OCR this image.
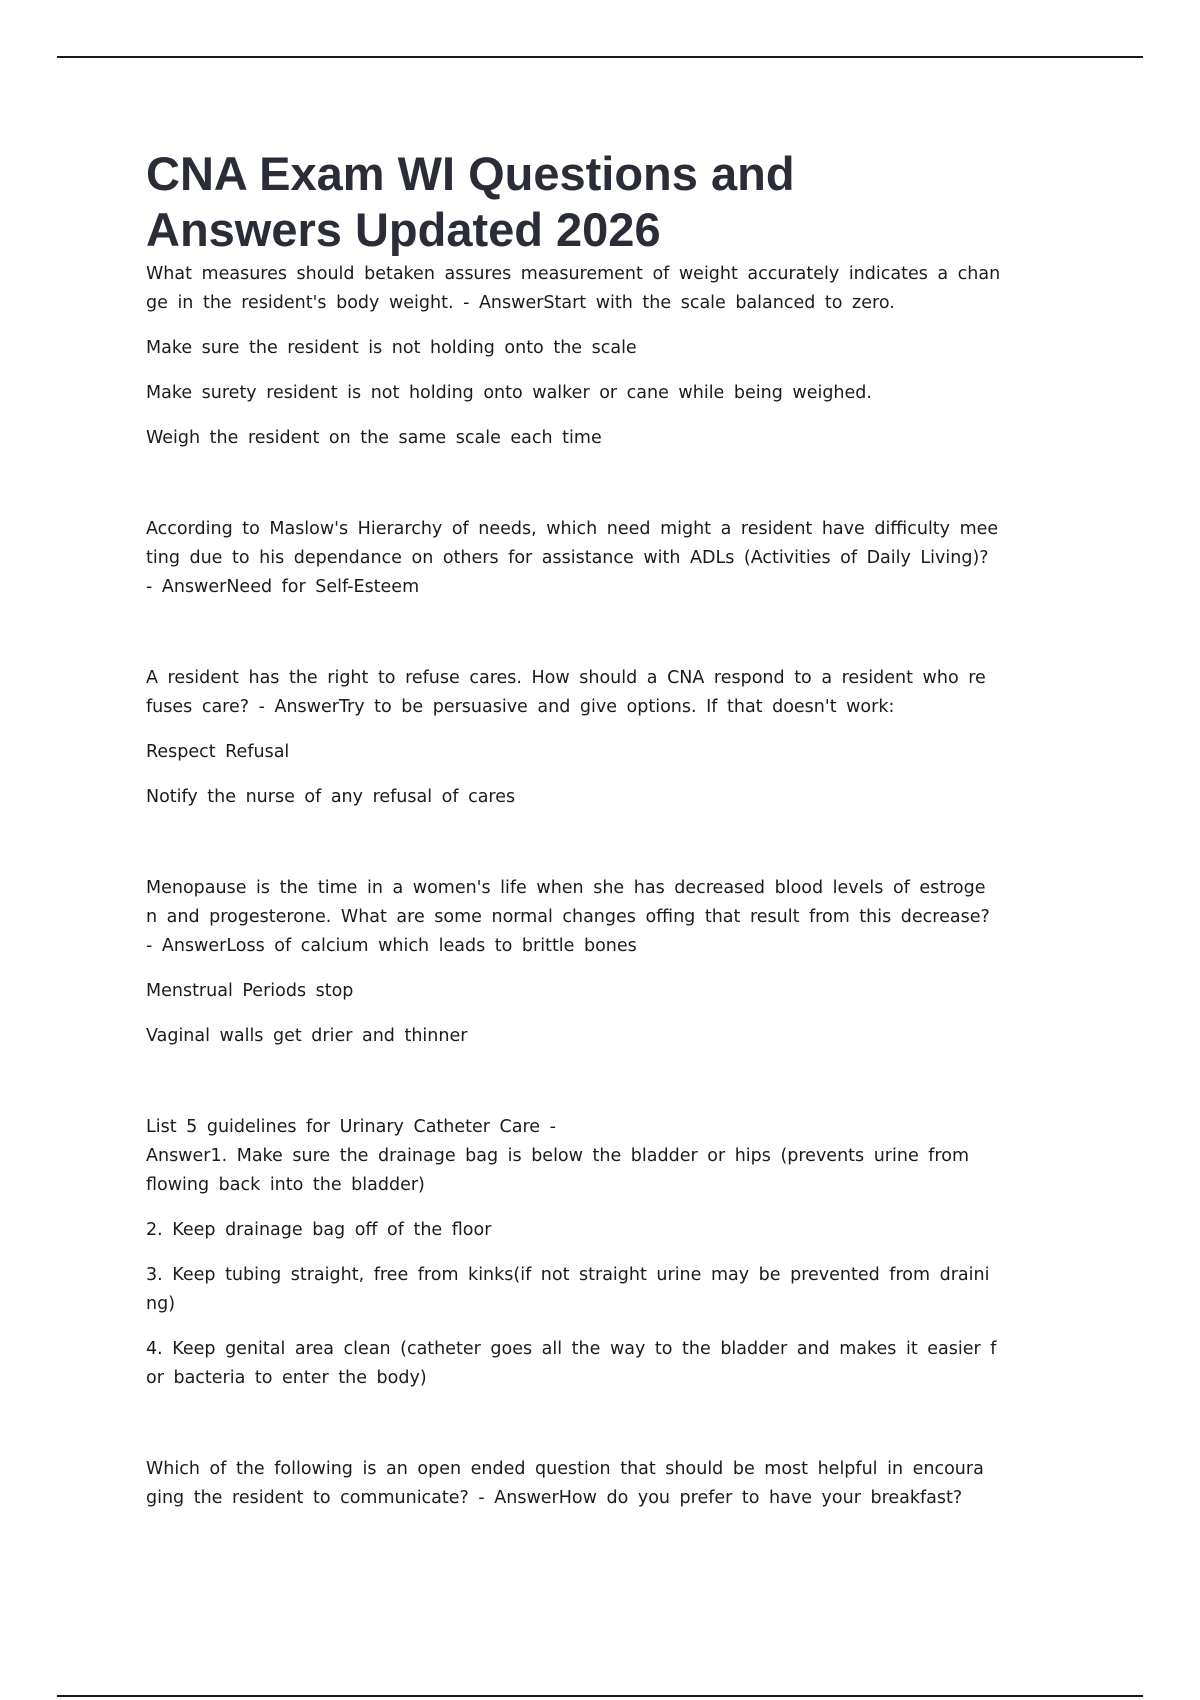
CNA Exam WI Questions and Answers Updated 2026

What measures should betaken assures measurement of weight accurately indicates a chan
ge in the resident's body weight. - AnswerStart with the scale balanced to zero.

Make sure the resident is not holding onto the scale

Make surety resident is not holding onto walker or cane while being weighed.

Weigh the resident on the same scale each time

According to Maslow's Hierarchy of needs, which need might a resident have difficulty mee
ting due to his dependance on others for assistance with ADLs (Activities of Daily Living)?
- AnswerNeed for Self-Esteem

A resident has the right to refuse cares. How should a CNA respond to a resident who re
fuses care? - AnswerTry to be persuasive and give options. If that doesn't work:

Respect Refusal

Notify the nurse of any refusal of cares

Menopause is the time in a women's life when she has decreased blood levels of estroge
n and progesterone. What are some normal changes offing that result from this decrease?
- AnswerLoss of calcium which leads to brittle bones

Menstrual Periods stop

Vaginal walls get drier and thinner

List 5 guidelines for Urinary Catheter Care -
Answer1. Make sure the drainage bag is below the bladder or hips (prevents urine from
flowing back into the bladder)

2. Keep drainage bag off of the floor

3. Keep tubing straight, free from kinks(if not straight urine may be prevented from draini
ng)

4. Keep genital area clean (catheter goes all the way to the bladder and makes it easier f
or bacteria to enter the body)

Which of the following is an open ended question that should be most helpful in encoura
ging the resident to communicate? - AnswerHow do you prefer to have your breakfast?
